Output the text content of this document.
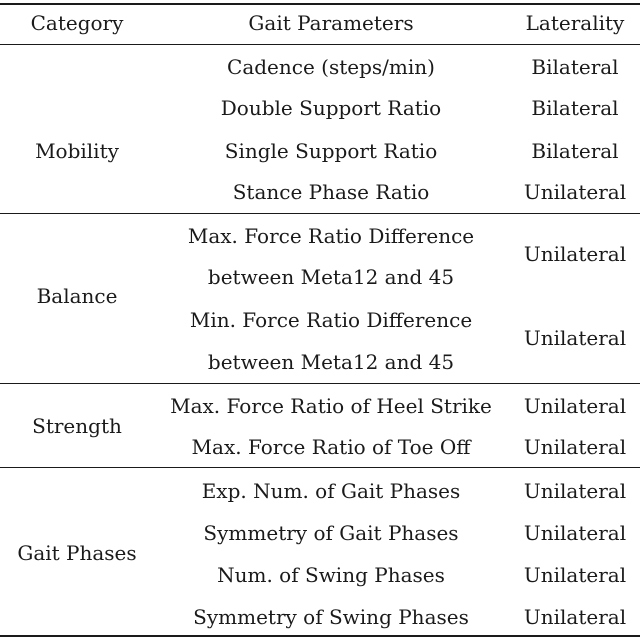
Category	Gait Parameters	Laterality
Mobility
Cadence (steps/min)	Bilateral
Double Support Ratio	Bilateral
Single Support Ratio	Bilateral
Stance Phase Ratio	Unilateral
Balance
Max. Force Ratio Difference
between Meta12 and 45
Unilateral
Min. Force Ratio Difference
between Meta12 and 45
Unilateral
Strength
Max. Force Ratio of Heel Strike Unilateral
Max. Force Ratio of Toe Off	Unilateral
Gait Phases
Exp. Num. of Gait Phases	Unilateral
Symmetry of Gait Phases	Unilateral
Num. of Swing Phases	Unilateral
Symmetry of Swing Phases	Unilateral
